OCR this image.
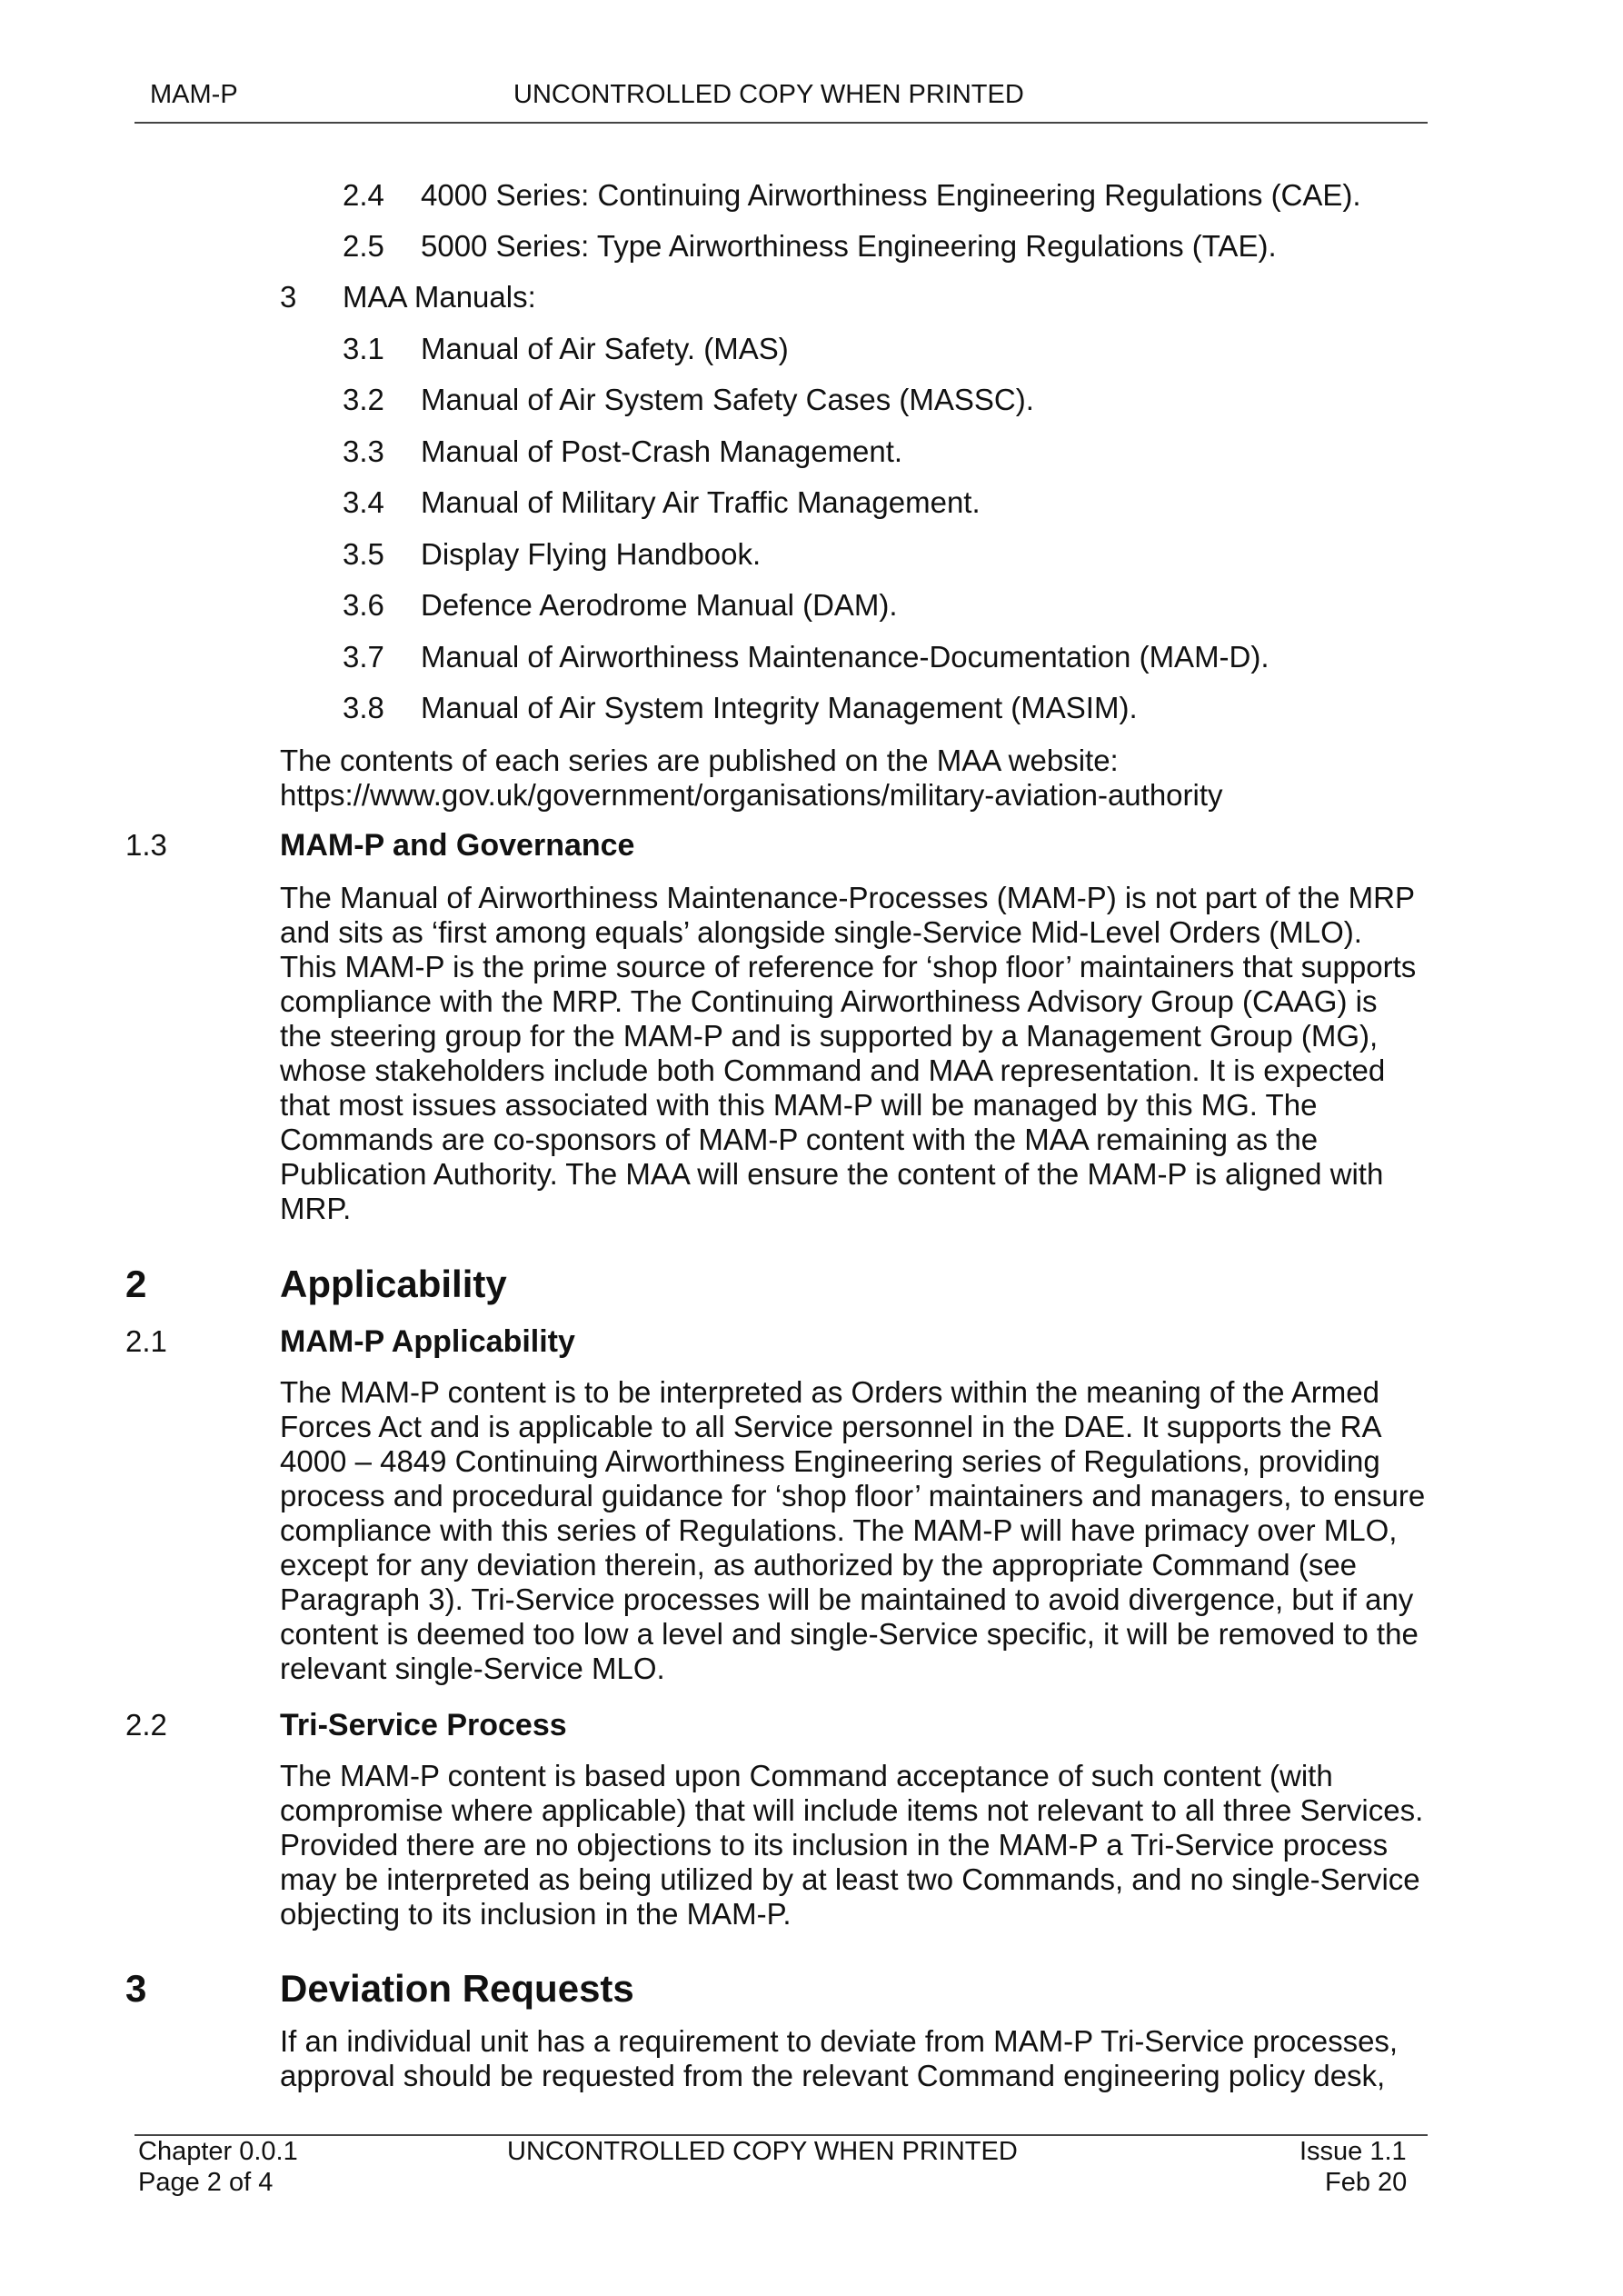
MAM-P	UNCONTROLLED COPY WHEN PRINTED
2.4 4000 Series: Continuing Airworthiness Engineering Regulations (CAE).
2.5 5000 Series: Type Airworthiness Engineering Regulations (TAE).
3 MAA Manuals:
3.1 Manual of Air Safety. (MAS)
3.2 Manual of Air System Safety Cases (MASSC).
3.3 Manual of Post-Crash Management.
3.4 Manual of Military Air Traffic Management.
3.5 Display Flying Handbook.
3.6 Defence Aerodrome Manual (DAM).
3.7 Manual of Airworthiness Maintenance-Documentation (MAM-D).
3.8 Manual of Air System Integrity Management (MASIM).
The contents of each series are published on the MAA website:
https://www.gov.uk/government/organisations/military-aviation-authority
1.3	MAM-P and Governance
The Manual of Airworthiness Maintenance-Processes (MAM-P) is not part of the MRP
and sits as ‘first among equals’ alongside single-Service Mid-Level Orders (MLO).
This MAM-P is the prime source of reference for ‘shop floor’ maintainers that supports
compliance with the MRP. The Continuing Airworthiness Advisory Group (CAAG) is
the steering group for the MAM-P and is supported by a Management Group (MG),
whose stakeholders include both Command and MAA representation. It is expected
that most issues associated with this MAM-P will be managed by this MG. The
Commands are co-sponsors of MAM-P content with the MAA remaining as the
Publication Authority. The MAA will ensure the content of the MAM-P is aligned with
MRP.
2	Applicability
2.1	MAM-P Applicability
The MAM-P content is to be interpreted as Orders within the meaning of the Armed
Forces Act and is applicable to all Service personnel in the DAE. It supports the RA
4000 – 4849 Continuing Airworthiness Engineering series of Regulations, providing
process and procedural guidance for ‘shop floor’ maintainers and managers, to ensure
compliance with this series of Regulations. The MAM-P will have primacy over MLO,
except for any deviation therein, as authorized by the appropriate Command (see
Paragraph 3). Tri-Service processes will be maintained to avoid divergence, but if any
content is deemed too low a level and single-Service specific, it will be removed to the
relevant single-Service MLO.
2.2	Tri-Service Process
The MAM-P content is based upon Command acceptance of such content (with
compromise where applicable) that will include items not relevant to all three Services.
Provided there are no objections to its inclusion in the MAM-P a Tri-Service process
may be interpreted as being utilized by at least two Commands, and no single-Service
objecting to its inclusion in the MAM-P.
3	Deviation Requests
If an individual unit has a requirement to deviate from MAM-P Tri-Service processes,
approval should be requested from the relevant Command engineering policy desk,
Chapter 0.0.1
Page 2 of 4
UNCONTROLLED COPY WHEN PRINTED	Issue 1.1
Feb 20
